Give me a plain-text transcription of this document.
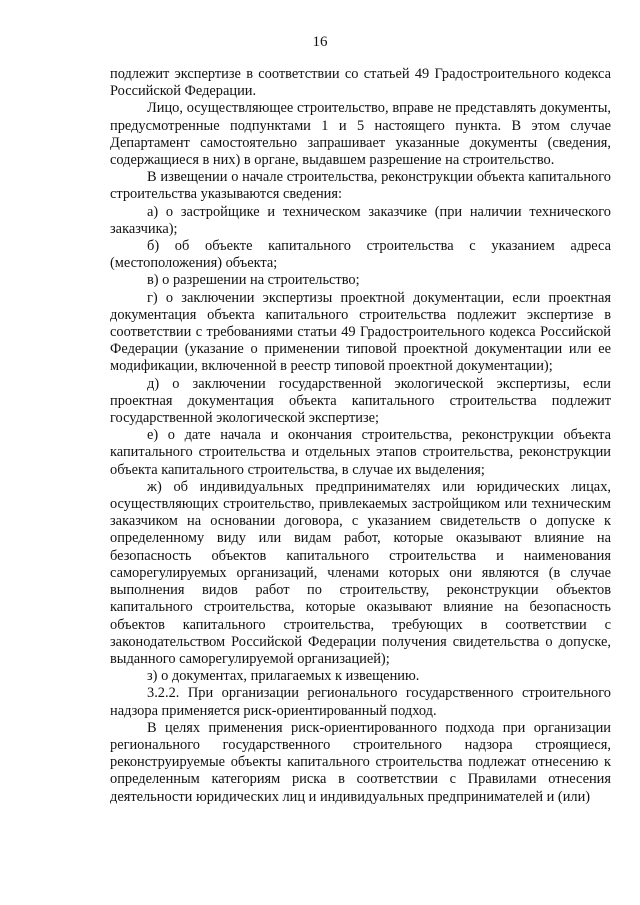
16

подлежит экспертизе в соответствии со статьей 49 Градостроительного кодекса Российской Федерации.

Лицо, осуществляющее строительство, вправе не представлять документы, предусмотренные подпунктами 1 и 5 настоящего пункта. В этом случае Департамент самостоятельно запрашивает указанные документы (сведения, содержащиеся в них) в органе, выдавшем разрешение на строительство.

В извещении о начале строительства, реконструкции объекта капитального строительства указываются сведения:

а) о застройщике и техническом заказчике (при наличии технического заказчика);

б) об объекте капитального строительства с указанием адреса (местоположения) объекта;

в) о разрешении на строительство;

г) о заключении экспертизы проектной документации, если проектная документация объекта капитального строительства подлежит экспертизе в соответствии с требованиями статьи 49 Градостроительного кодекса Российской Федерации (указание о применении типовой проектной документации или ее модификации, включенной в реестр типовой проектной документации);

д) о заключении государственной экологической экспертизы, если проектная документация объекта капитального строительства подлежит государственной экологической экспертизе;

е) о дате начала и окончания строительства, реконструкции объекта капитального строительства и отдельных этапов строительства, реконструкции объекта капитального строительства, в случае их выделения;

ж) об индивидуальных предпринимателях или юридических лицах, осуществляющих строительство, привлекаемых застройщиком или техническим заказчиком на основании договора, с указанием свидетельств о допуске к определенному виду или видам работ, которые оказывают влияние на безопасность объектов капитального строительства и наименования саморегулируемых организаций, членами которых они являются (в случае выполнения видов работ по строительству, реконструкции объектов капитального строительства, которые оказывают влияние на безопасность объектов капитального строительства, требующих в соответствии с законодательством Российской Федерации получения свидетельства о допуске, выданного саморегулируемой организацией);

з) о документах, прилагаемых к извещению.

3.2.2. При организации регионального государственного строительного надзора применяется риск-ориентированный подход.

В целях применения риск-ориентированного подхода при организации регионального государственного строительного надзора строящиеся, реконструируемые объекты капитального строительства подлежат отнесению к определенным категориям риска в соответствии с Правилами отнесения деятельности юридических лиц и индивидуальных предпринимателей и (или)
